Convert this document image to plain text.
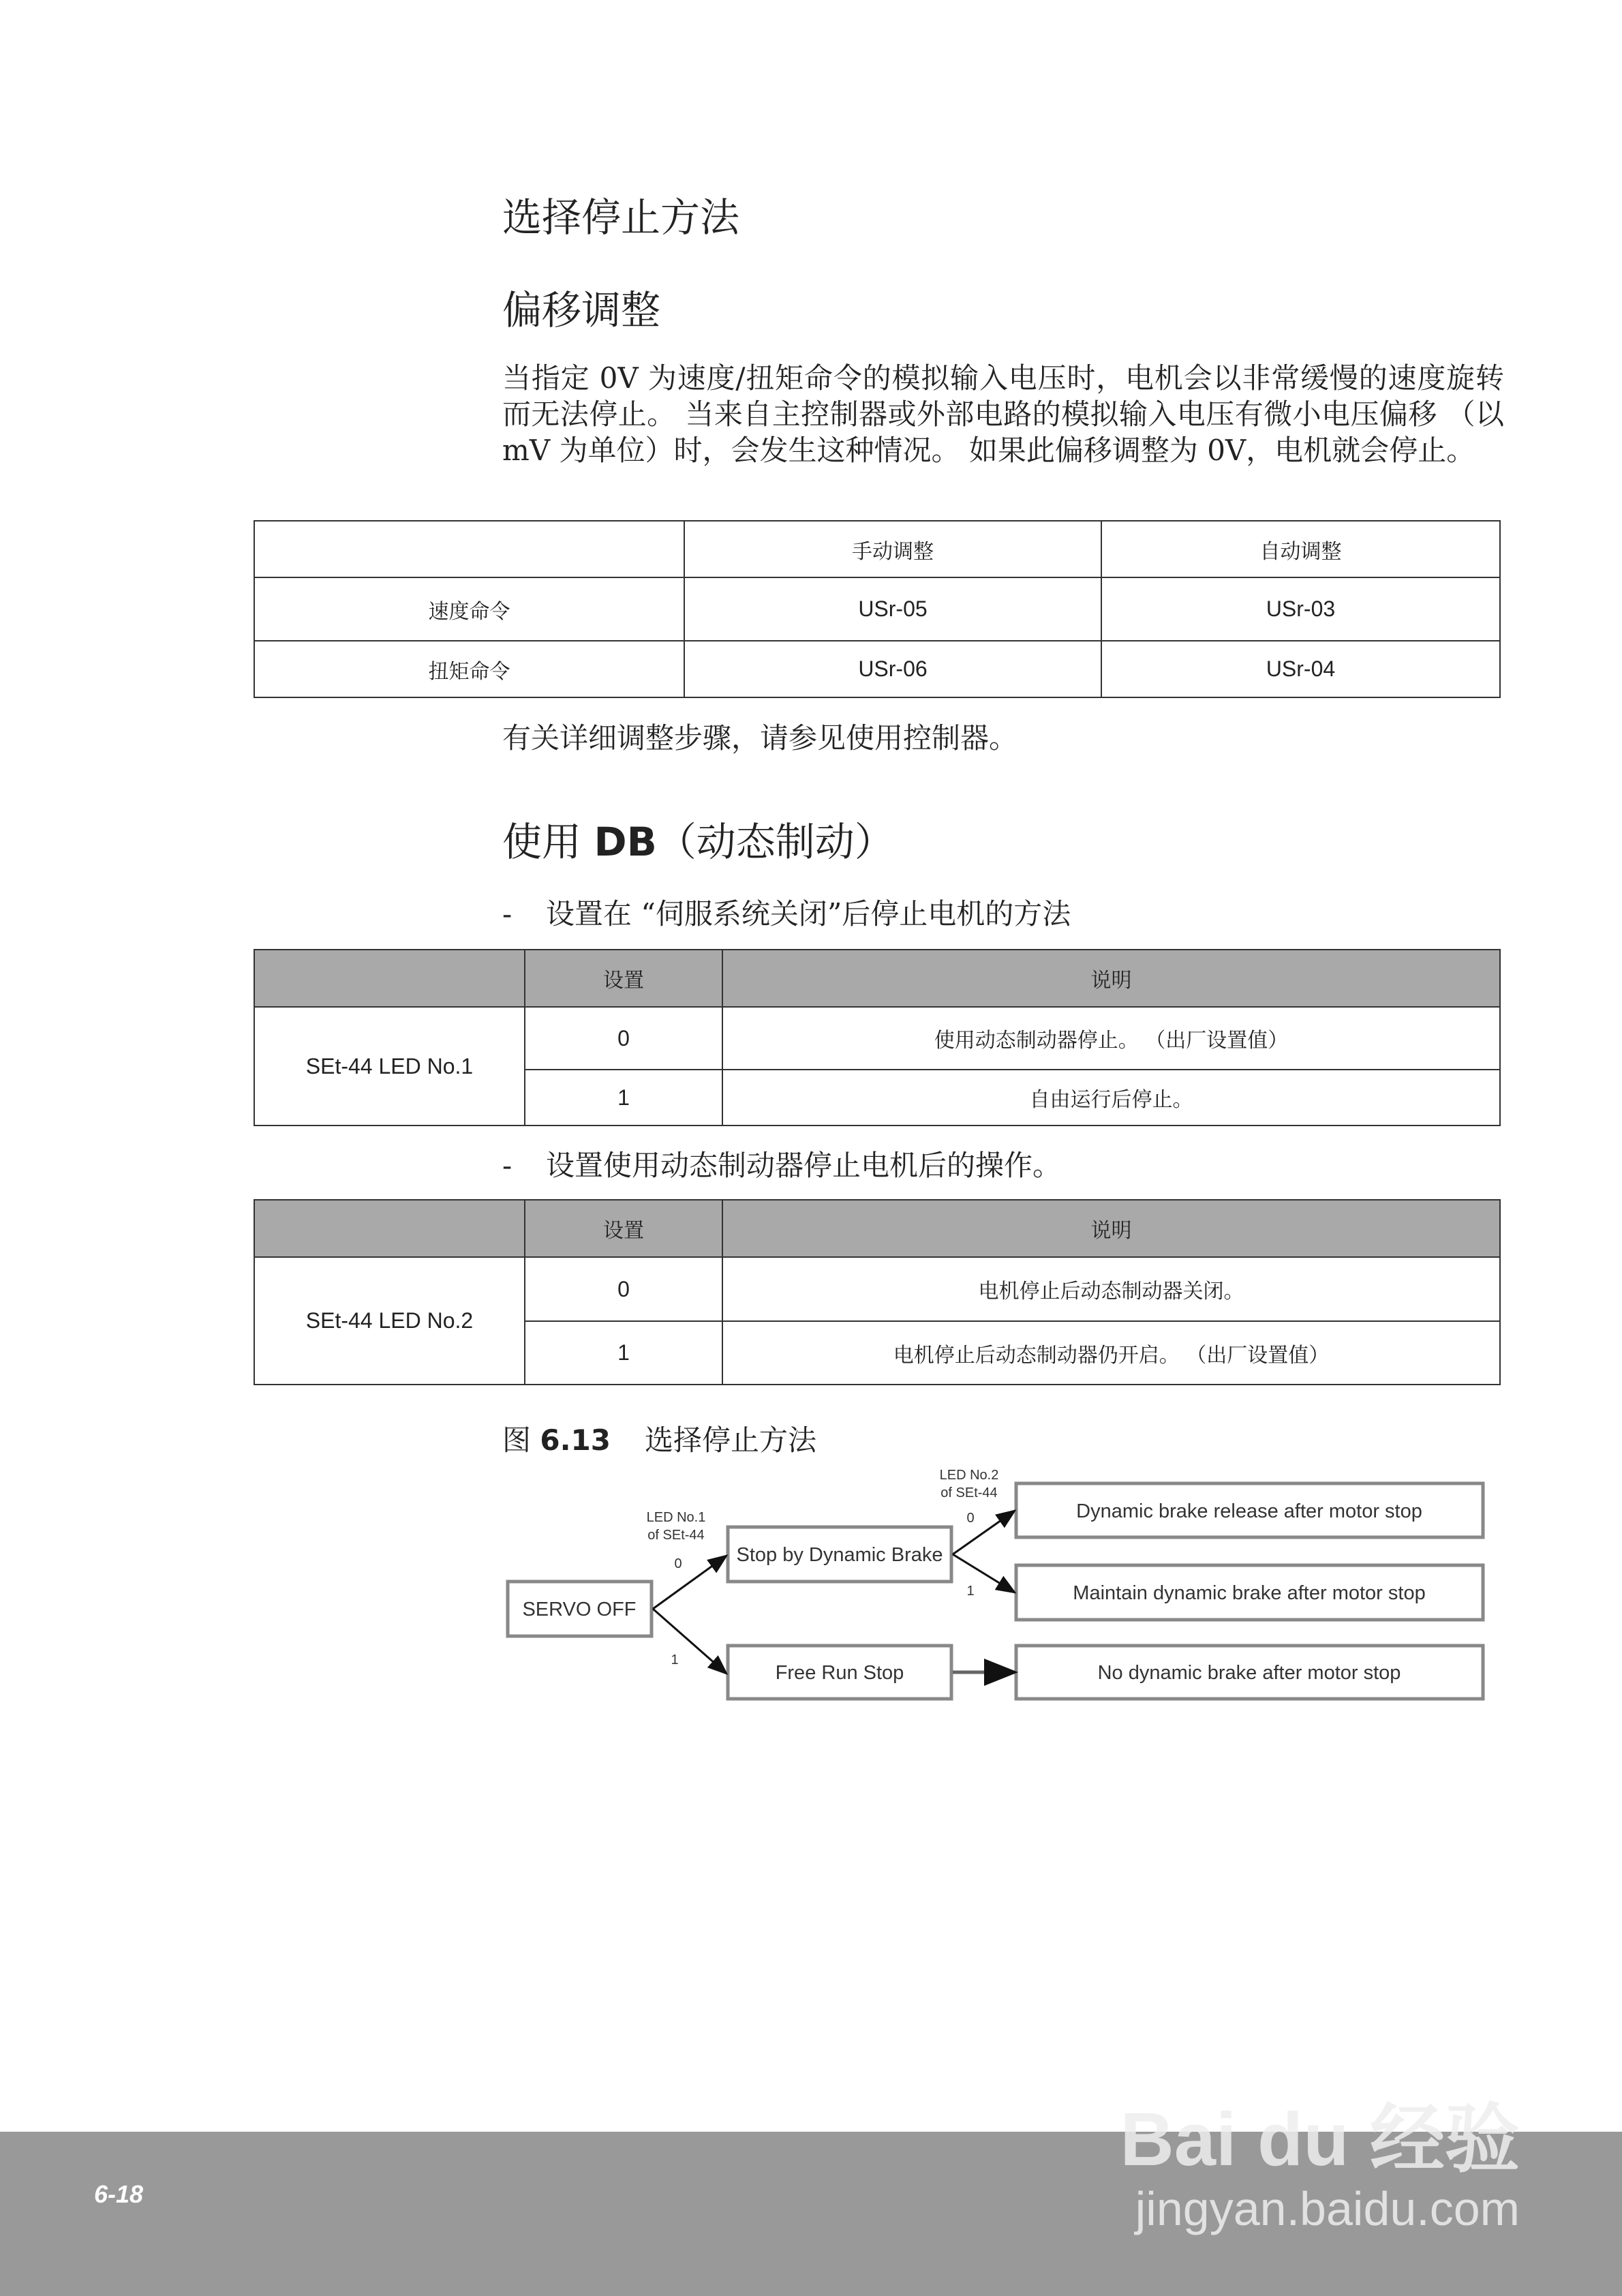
选择停止方法
偏移调整

当指定 0V 为速度/扭矩命令的模拟输入电压时，电机会以非常缓慢的速度旋转而无法停止。 当来自主控制器或外部电路的模拟输入电压有微小电压偏移 （以 mV 为单位）时，会发生这种情况。 如果此偏移调整为 0V，电机就会停止。

	手动调整	自动调整
速度命令	USr-05	USr-03
扭矩命令	USr-06	USr-04
有关详细调整步骤，请参见使用控制器。
使用 DB（动态制动）
- 设置在 “伺服系统关闭”后停止电机的方法
	设置	说明
SEt-44 LED No.1	0	使用动态制动器停止。 （出厂设置值）
	1	自由运行后停止。
- 设置使用动态制动器停止电机后的操作。
	设置	说明
SEt-44 LED No.2	0	电机停止后动态制动器关闭。
	1	电机停止后动态制动器仍开启。 （出厂设置值）
图 6.13 选择停止方法
SERVO OFF
Stop by Dynamic Brake
Free Run Stop
Dynamic brake release after motor stop
Maintain dynamic brake after motor stop
No dynamic brake after motor stop
LED No.1
of SEt-44
0
1
LED No.2
of SEt-44
0
1
6-18
Bai du 经验
jingyan.baidu.com
